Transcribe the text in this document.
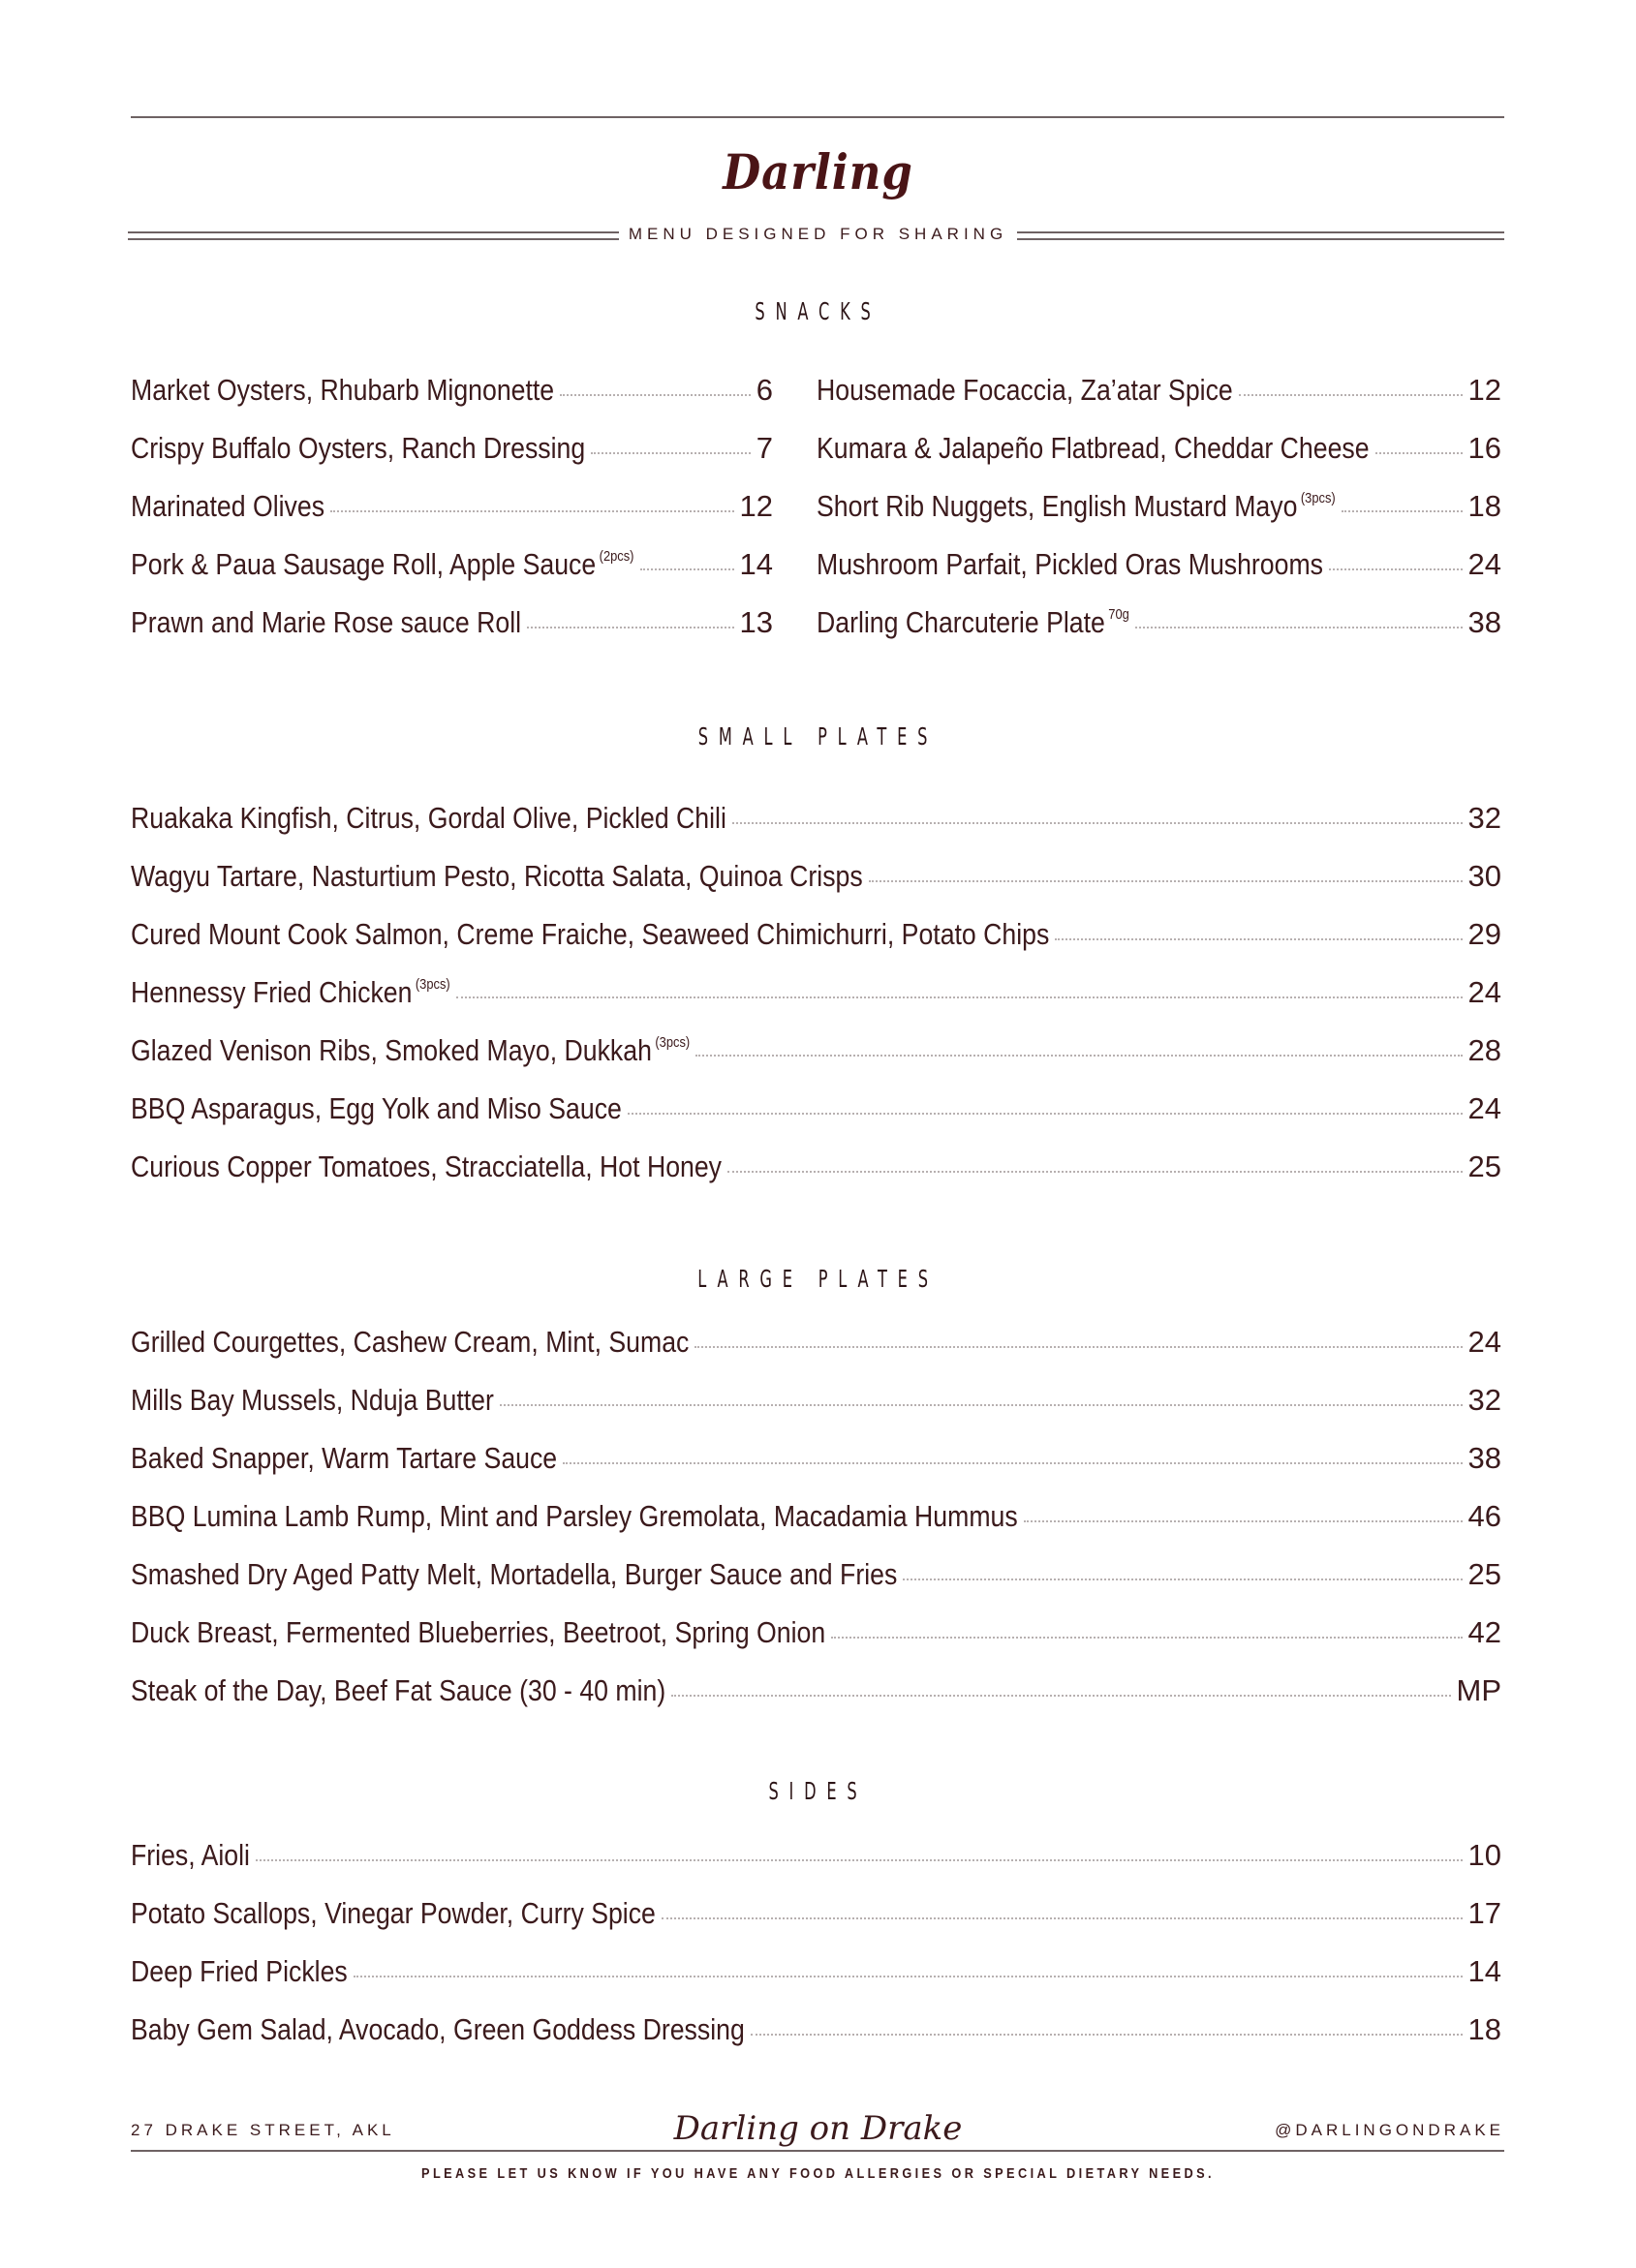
Darling
MENU DESIGNED FOR SHARING
SNACKS
Market Oysters, Rhubarb Mignonette	6
Crispy Buffalo Oysters, Ranch Dressing	7
Marinated Olives	12
Pork & Paua Sausage Roll, Apple Sauce $^{(2pcs)}$	14
Prawn and Marie Rose sauce Roll	13
Housemade Focaccia, Za’atar Spice	12
Kumara & Jalapeño Flatbread, Cheddar Cheese	16
Short Rib Nuggets, English Mustard Mayo $^{(3pcs)}$	18
Mushroom Parfait, Pickled Oras Mushrooms	24
Darling Charcuterie Plate $^{70g}$	38
SMALL PLATES
Ruakaka Kingfish, Citrus, Gordal Olive, Pickled Chili	32
Wagyu Tartare, Nasturtium Pesto, Ricotta Salata, Quinoa Crisps	30
Cured Mount Cook Salmon, Creme Fraiche, Seaweed Chimichurri, Potato Chips	29
Hennessy Fried Chicken $^{(3pcs)}$	24
Glazed Venison Ribs, Smoked Mayo, Dukkah $^{(3pcs)}$	28
BBQ Asparagus, Egg Yolk and Miso Sauce	24
Curious Copper Tomatoes, Stracciatella, Hot Honey	25
LARGE PLATES
Grilled Courgettes, Cashew Cream, Mint, Sumac	24
Mills Bay Mussels, Nduja Butter	32
Baked Snapper, Warm Tartare Sauce	38
BBQ Lumina Lamb Rump, Mint and Parsley Gremolata, Macadamia Hummus	46
Smashed Dry Aged Patty Melt, Mortadella, Burger Sauce and Fries	25
Duck Breast, Fermented Blueberries, Beetroot, Spring Onion	42
Steak of the Day, Beef Fat Sauce (30 - 40 min)	MP
SIDES
Fries, Aioli	10
Potato Scallops, Vinegar Powder, Curry Spice	17
Deep Fried Pickles	14
Baby Gem Salad, Avocado, Green Goddess Dressing	18
27 DRAKE STREET, AKL	@DARLINGONDRAKE
Darling on Drake
PLEASE LET US KNOW IF YOU HAVE ANY FOOD ALLERGIES OR SPECIAL DIETARY NEEDS.
